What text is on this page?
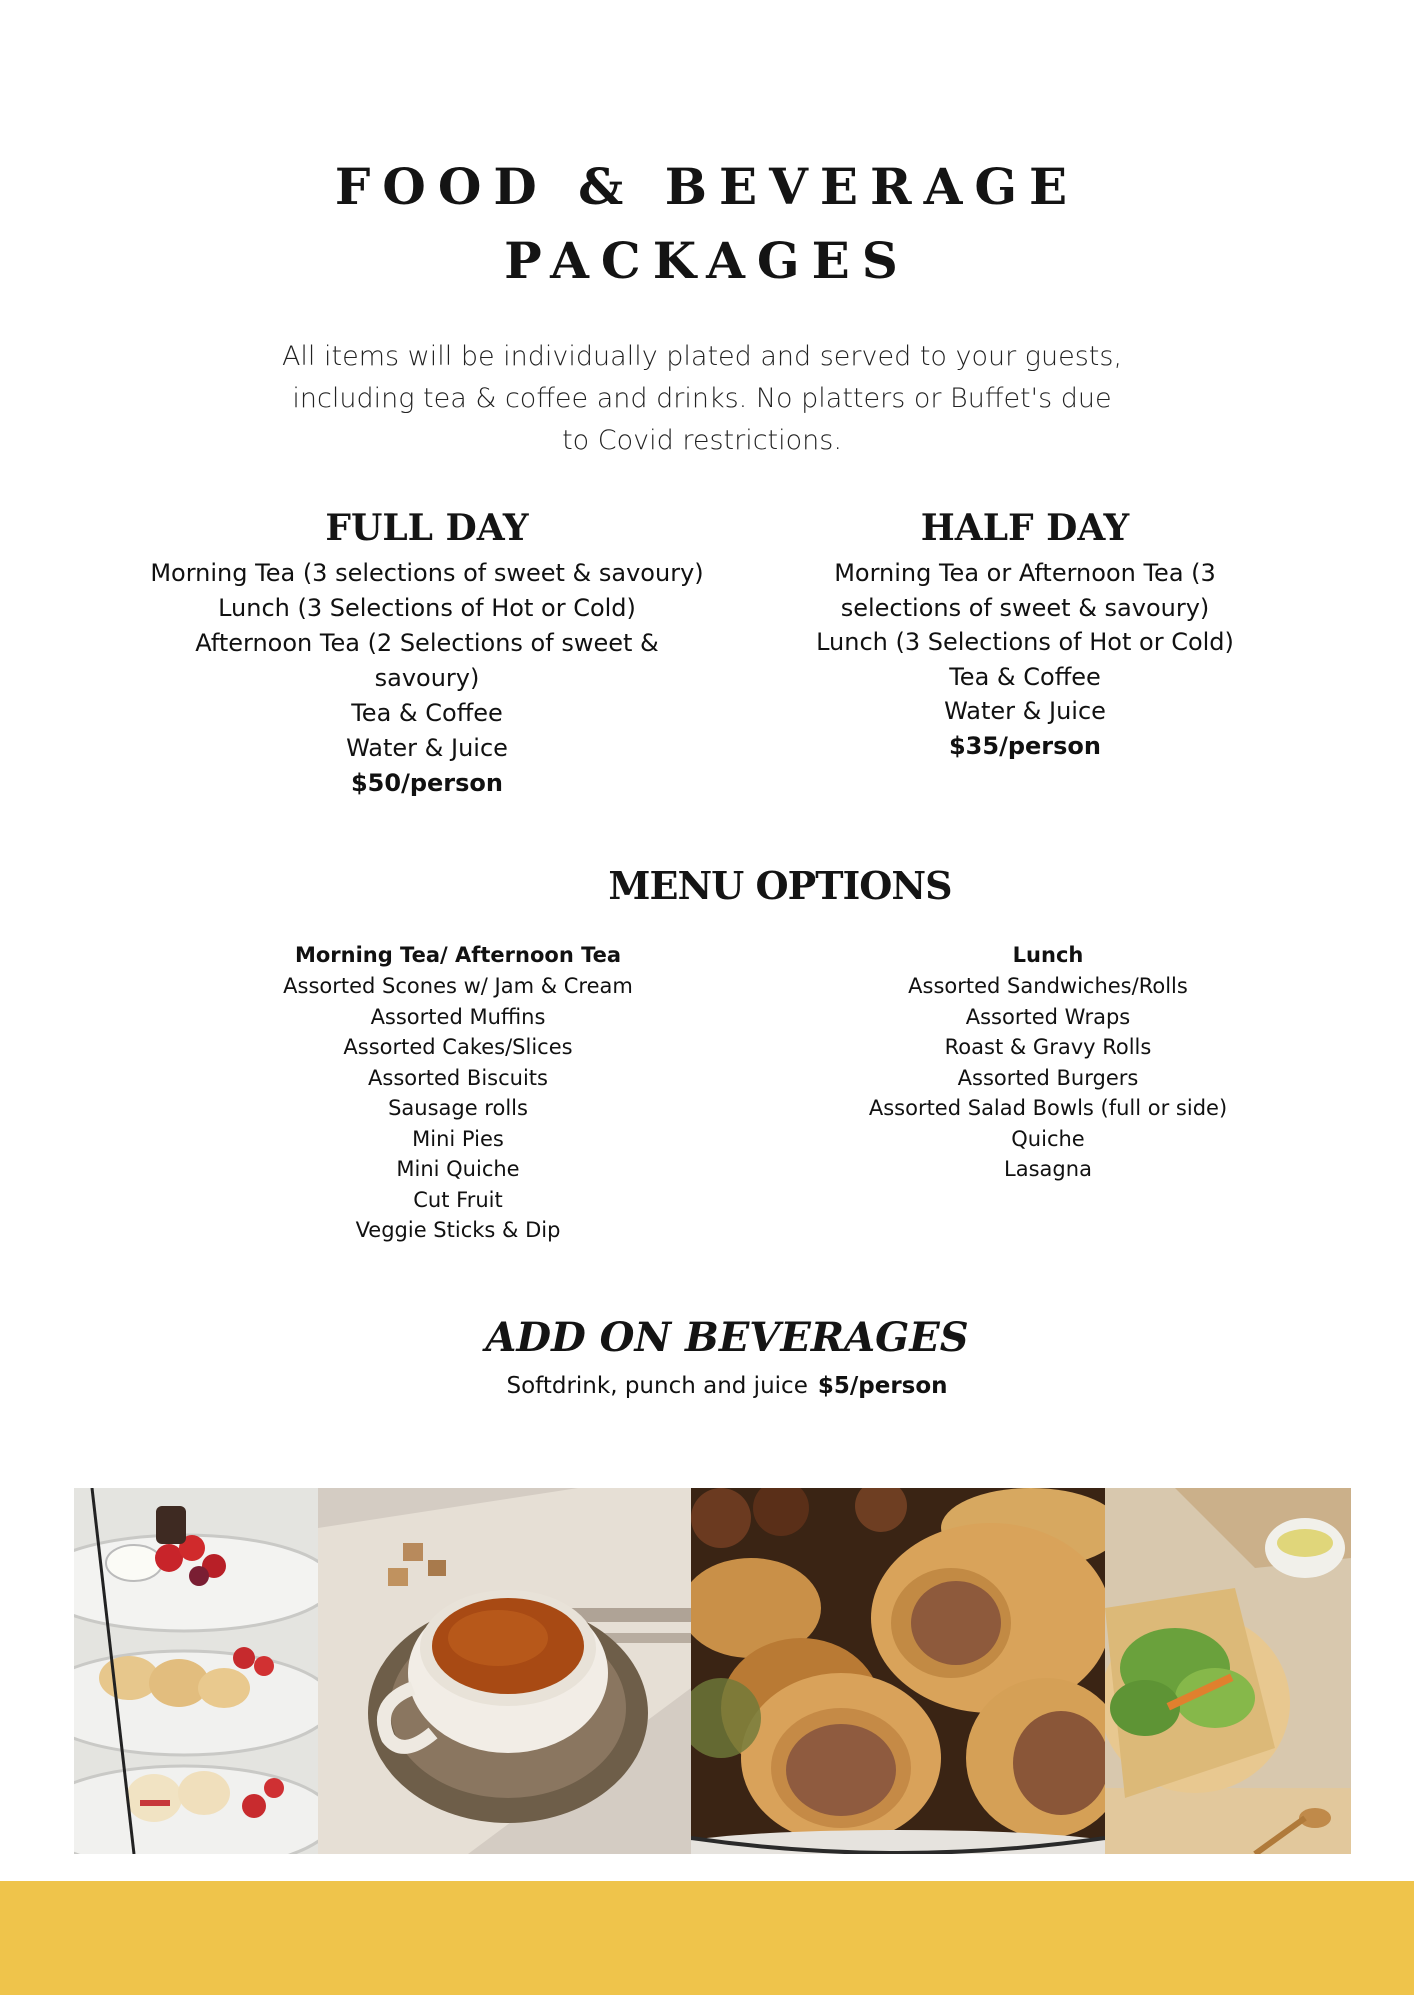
FOOD & BEVERAGE
PACKAGES
All items will be individually plated and served to your guests,
including tea & coffee and drinks. No platters or Buffet's due
to Covid restrictions.
FULL DAY
Morning Tea (3 selections of sweet & savoury)
Lunch (3 Selections of Hot or Cold)
Afternoon Tea (2 Selections of sweet &
savoury)
Tea & Coffee
Water & Juice
$50/person
HALF DAY
Morning Tea or Afternoon Tea (3
selections of sweet & savoury)
Lunch (3 Selections of Hot or Cold)
Tea & Coffee
Water & Juice
$35/person
MENU OPTIONS
Morning Tea/ Afternoon Tea
Assorted Scones w/ Jam & Cream
Assorted Muffins
Assorted Cakes/Slices
Assorted Biscuits
Sausage rolls
Mini Pies
Mini Quiche
Cut Fruit
Veggie Sticks & Dip
Lunch
Assorted Sandwiches/Rolls
Assorted Wraps
Roast & Gravy Rolls
Assorted Burgers
Assorted Salad Bowls (full or side)
Quiche
Lasagna
ADD ON BEVERAGES
Softdrink, punch and juice $5/person
